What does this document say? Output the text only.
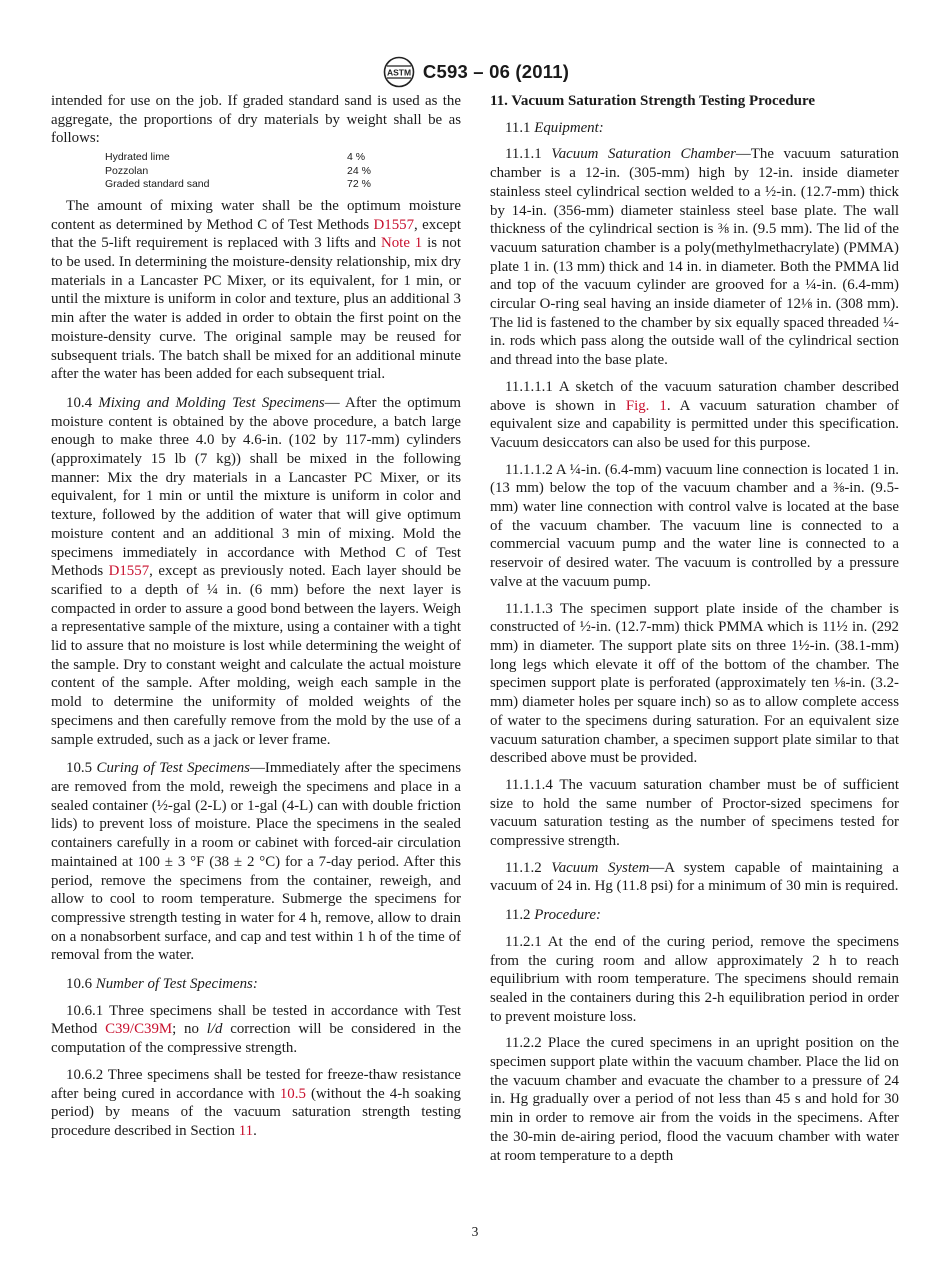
ASTM C593 – 06 (2011)

intended for use on the job. If graded standard sand is used as the aggregate, the proportions of dry materials by weight shall be as follows:

Hydrated lime	4 %
Pozzolan	24 %
Graded standard sand	72 %

The amount of mixing water shall be the optimum moisture content as determined by Method C of Test Methods D1557, except that the 5-lift requirement is replaced with 3 lifts and Note 1 is not to be used. In determining the moisture-density relationship, mix dry materials in a Lancaster PC Mixer, or its equivalent, for 1 min, or until the mixture is uniform in color and texture, plus an additional 3 min after the water is added in order to obtain the first point on the moisture-density curve. The original sample may be reused for subsequent trials. The batch shall be mixed for an additional minute after the water has been added for each subsequent trial.

10.4 Mixing and Molding Test Specimens— After the optimum moisture content is obtained by the above procedure, a batch large enough to make three 4.0 by 4.6-in. (102 by 117-mm) cylinders (approximately 15 lb (7 kg)) shall be mixed in the following manner: Mix the dry materials in a Lancaster PC Mixer, or its equivalent, for 1 min or until the mixture is uniform in color and texture, followed by the addition of water that will give optimum moisture content and an additional 3 min of mixing. Mold the specimens immediately in accordance with Method C of Test Methods D1557, except as previously noted. Each layer should be scarified to a depth of ¼ in. (6 mm) before the next layer is compacted in order to assure a good bond between the layers. Weigh a representative sample of the mixture, using a container with a tight lid to assure that no moisture is lost while determining the weight of the sample. Dry to constant weight and calculate the actual moisture content of the sample. After molding, weigh each sample in the mold to determine the uniformity of molded weights of the specimens and then carefully remove from the mold by the use of a sample extruded, such as a jack or lever frame.

10.5 Curing of Test Specimens—Immediately after the specimens are removed from the mold, reweigh the specimens and place in a sealed container (½-gal (2-L) or 1-gal (4-L) can with double friction lids) to prevent loss of moisture. Place the specimens in the sealed containers carefully in a room or cabinet with forced-air circulation maintained at 100 ± 3 °F (38 ± 2 °C) for a 7-day period. After this period, remove the specimens from the container, reweigh, and allow to cool to room temperature. Submerge the specimens for compressive strength testing in water for 4 h, remove, allow to drain on a nonabsorbent surface, and cap and test within 1 h of the time of removal from the water.

10.6 Number of Test Specimens:

10.6.1 Three specimens shall be tested in accordance with Test Method C39/C39M; no l/d correction will be considered in the computation of the compressive strength.

10.6.2 Three specimens shall be tested for freeze-thaw resistance after being cured in accordance with 10.5 (without the 4-h soaking period) by means of the vacuum saturation strength testing procedure described in Section 11.

11. Vacuum Saturation Strength Testing Procedure

11.1 Equipment:

11.1.1 Vacuum Saturation Chamber—The vacuum saturation chamber is a 12-in. (305-mm) high by 12-in. inside diameter stainless steel cylindrical section welded to a ½-in. (12.7-mm) thick by 14-in. (356-mm) diameter stainless steel base plate. The wall thickness of the cylindrical section is ⅜ in. (9.5 mm). The lid of the vacuum saturation chamber is a poly(methylmethacrylate) (PMMA) plate 1 in. (13 mm) thick and 14 in. in diameter. Both the PMMA lid and top of the vacuum cylinder are grooved for a ¼-in. (6.4-mm) circular O-ring seal having an inside diameter of 12⅛ in. (308 mm). The lid is fastened to the chamber by six equally spaced threaded ¼-in. rods which pass along the outside wall of the cylindrical section and thread into the base plate.

11.1.1.1 A sketch of the vacuum saturation chamber described above is shown in Fig. 1. A vacuum saturation chamber of equivalent size and capability is permitted under this specification. Vacuum desiccators can also be used for this purpose.

11.1.1.2 A ¼-in. (6.4-mm) vacuum line connection is located 1 in. (13 mm) below the top of the vacuum chamber and a ⅜-in. (9.5-mm) water line connection with control valve is located at the base of the vacuum chamber. The vacuum line is connected to a commercial vacuum pump and the water line is connected to a reservoir of desired water. The vacuum is controlled by a pressure valve at the vacuum pump.

11.1.1.3 The specimen support plate inside of the chamber is constructed of ½-in. (12.7-mm) thick PMMA which is 11½ in. (292 mm) in diameter. The support plate sits on three 1½-in. (38.1-mm) long legs which elevate it off of the bottom of the chamber. The specimen support plate is perforated (approximately ten ⅛-in. (3.2-mm) diameter holes per square inch) so as to allow complete access of water to the specimens during saturation. For an equivalent size vacuum saturation chamber, a specimen support plate similar to that described above must be provided.

11.1.1.4 The vacuum saturation chamber must be of sufficient size to hold the same number of Proctor-sized specimens for vacuum saturation testing as the number of specimens tested for compressive strength.

11.1.2 Vacuum System—A system capable of maintaining a vacuum of 24 in. Hg (11.8 psi) for a minimum of 30 min is required.

11.2 Procedure:

11.2.1 At the end of the curing period, remove the specimens from the curing room and allow approximately 2 h to reach equilibrium with room temperature. The specimens should remain sealed in the containers during this 2-h equilibration period in order to prevent moisture loss.

11.2.2 Place the cured specimens in an upright position on the specimen support plate within the vacuum chamber. Place the lid on the vacuum chamber and evacuate the chamber to a pressure of 24 in. Hg gradually over a period of not less than 45 s and hold for 30 min in order to remove air from the voids in the specimens. After the 30-min de-airing period, flood the vacuum chamber with water at room temperature to a depth

3
